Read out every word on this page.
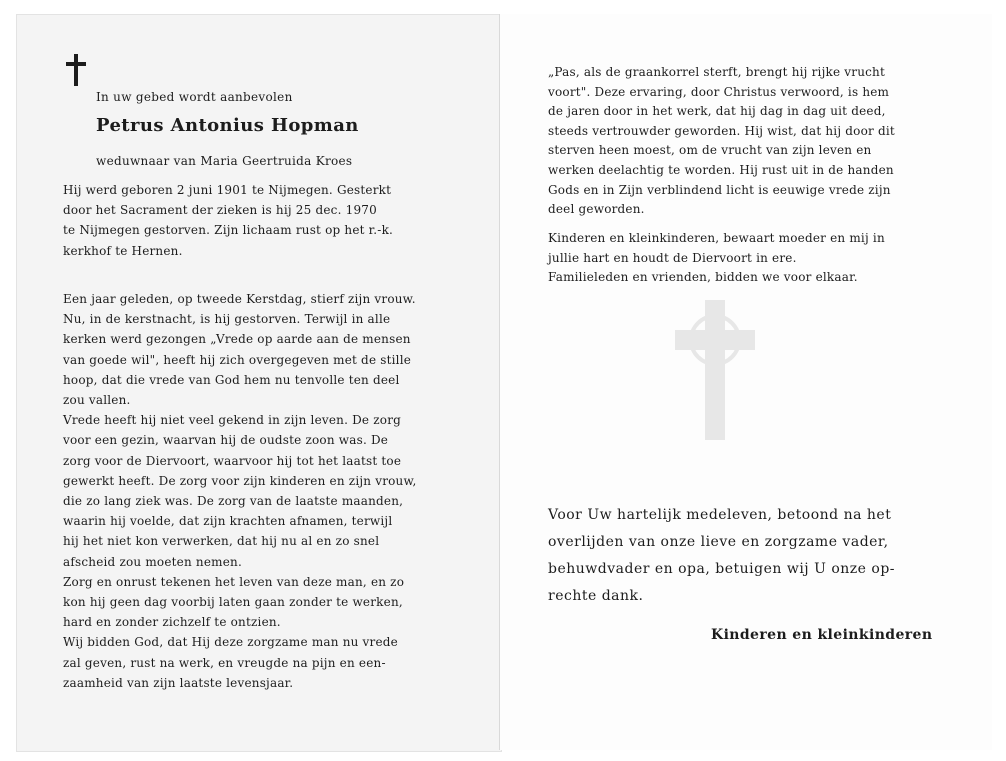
In uw gebed wordt aanbevolen
Petrus Antonius Hopman
weduwnaar van Maria Geertruida Kroes
Hij werd geboren 2 juni 1901 te Nijmegen. Gesterkt
door het Sacrament der zieken is hij 25 dec. 1970
te Nijmegen gestorven. Zijn lichaam rust op het r.-k.
kerkhof te Hernen.
Een jaar geleden, op tweede Kerstdag, stierf zijn vrouw.
Nu, in de kerstnacht, is hij gestorven. Terwijl in alle
kerken werd gezongen „Vrede op aarde aan de mensen
van goede wil", heeft hij zich overgegeven met de stille
hoop, dat die vrede van God hem nu tenvolle ten deel
zou vallen.
Vrede heeft hij niet veel gekend in zijn leven. De zorg
voor een gezin, waarvan hij de oudste zoon was. De
zorg voor de Diervoort, waarvoor hij tot het laatst toe
gewerkt heeft. De zorg voor zijn kinderen en zijn vrouw,
die zo lang ziek was. De zorg van de laatste maanden,
waarin hij voelde, dat zijn krachten afnamen, terwijl
hij het niet kon verwerken, dat hij nu al en zo snel
afscheid zou moeten nemen.
Zorg en onrust tekenen het leven van deze man, en zo
kon hij geen dag voorbij laten gaan zonder te werken,
hard en zonder zichzelf te ontzien.
Wij bidden God, dat Hij deze zorgzame man nu vrede
zal geven, rust na werk, en vreugde na pijn en een-
zaamheid van zijn laatste levensjaar.
„Pas, als de graankorrel sterft, brengt hij rijke vrucht
voort". Deze ervaring, door Christus verwoord, is hem
de jaren door in het werk, dat hij dag in dag uit deed,
steeds vertrouwder geworden. Hij wist, dat hij door dit
sterven heen moest, om de vrucht van zijn leven en
werken deelachtig te worden. Hij rust uit in de handen
Gods en in Zijn verblindend licht is eeuwige vrede zijn
deel geworden.
Kinderen en kleinkinderen, bewaart moeder en mij in
jullie hart en houdt de Diervoort in ere.
Familieleden en vrienden, bidden we voor elkaar.
Voor Uw hartelijk medeleven, betoond na het
overlijden van onze lieve en zorgzame vader,
behuwdvader en opa, betuigen wij U onze op-
rechte dank.
Kinderen en kleinkinderen
